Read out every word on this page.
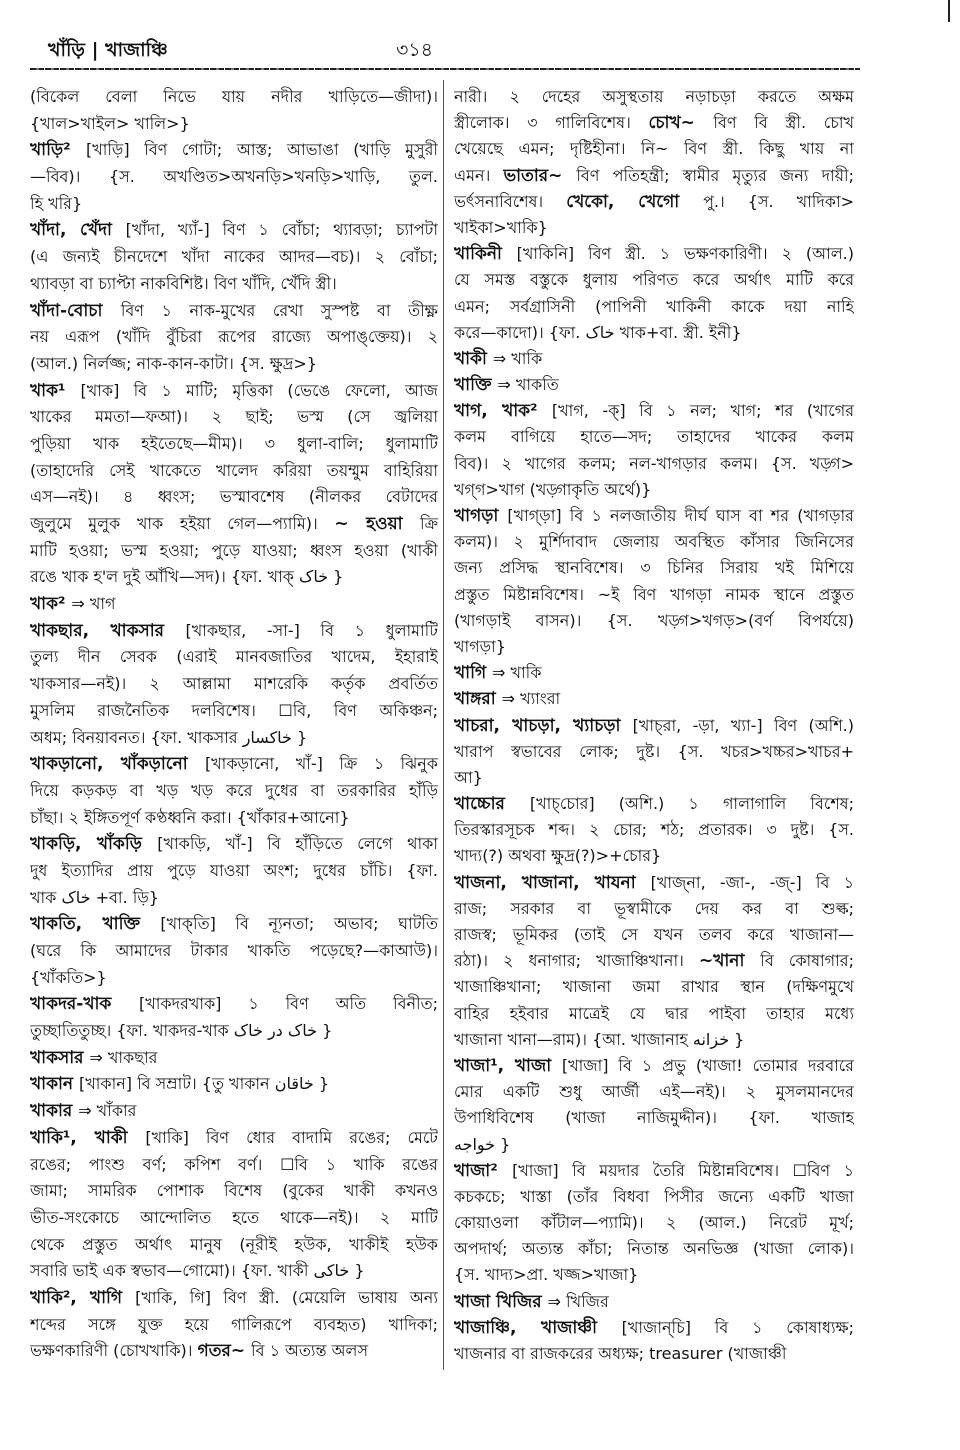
খাঁড়ি | খাজাঞ্চি	৩১৪
(বিকেল বেলা নিভে যায় নদীর খাড়িতে—জীদা)।
{খাল>খাইল> খালি>}
খাড়ি² [খাড়ি] বিণ গোটা; আস্ত; আভাঙা (খাড়ি মুসুরী
—বিব)। {স. অখণ্ডিত>অখনড়ি>খনড়ি>খাড়ি, তুল.
হি খরি}
খাঁদা, খেঁদা [খাঁদা, খ্যাঁ-] বিণ ১ বোঁচা; থ্যাবড়া; চ্যাপটা
(এ জন্যই চীনদেশে খাঁদা নাকের আদর—বচ)। ২ বোঁচা;
থ্যাবড়া বা চ্যাপ্টা নাকবিশিষ্ট। বিণ খাঁদি, খেঁদি স্ত্রী।
খাঁদা-বোচা বিণ ১ নাক-মুখের রেখা সুস্পষ্ট বা তীক্ষ্ণ
নয় এরূপ (খাঁদি বুঁচিরা রূপের রাজ্যে অপাঙ্‌ক্তেয়)। ২
(আল.) নির্লজ্জ; নাক-কান-কাটা। {স. ক্ষুদ্র>}
খাক¹ [খাক] বি ১ মাটি; মৃত্তিকা (ভেঙে ফেলো, আজ
খাকের মমতা—ফআ)। ২ ছাই; ভস্ম (সে জ্বলিয়া
পুড়িয়া খাক হইতেছে—মীম)। ৩ ধুলা-বালি; ধুলামাটি
(তাহাদেরি সেই খাকেতে খালেদ করিয়া তয়ম্মুম বাহিরিয়া
এস—নই)। ৪ ধ্বংস; ভস্মাবশেষ (নীলকর বেটাদের
জুলুমে মুলুক খাক হইয়া গেল—প্যামি)। ~ হওয়া ক্রি
মাটি হওয়া; ভস্ম হওয়া; পুড়ে যাওয়া; ধ্বংস হওয়া (খাকী
রঙে খাক হ'ল দুই আঁখি—সদ)। {ফা. খাক্‌ خاک }
খাক² ⇒ খাগ
খাকছার, খাকসার [খাকছার, -সা-] বি ১ ধুলামাটি
তুল্য দীন সেবক (এরাই মানবজাতির খাদেম, ইহারাই
খাকসার—নই)। ২ আল্লামা মাশরেকি কর্তৃক প্রবর্তিত
মুসলিম রাজনৈতিক দলবিশেষ। ☐বি, বিণ অকিঞ্চন;
অধম; বিনয়াবনত। {ফা. খাকসার خاکسار }
খাকড়ানো, খাঁকড়ানো [খাকড়ানো, খাঁ-] ক্রি ১ ঝিনুক
দিয়ে কড়কড় বা খড় খড় করে দুধের বা তরকারির হাঁড়ি
চাঁছা। ২ ইঙ্গিতপূর্ণ কণ্ঠধ্বনি করা। {খাঁকার+আনো}
খাকড়ি, খাঁকড়ি [খাকড়ি, খাঁ-] বি হাঁড়িতে লেগে থাকা
দুধ ইত্যাদির প্রায় পুড়ে যাওয়া অংশ; দুধের চাঁচি। {ফা.
খাক خاک +বা. ড়ি}
খাকতি, খাক্তি [খাক্‌তি] বি ন্যূনতা; অভাব; ঘাটতি
(ঘরে কি আমাদের টাকার খাকতি পড়েছে?—কাআউ)।
{খাঁকতি>}
খাকদর-খাক [খাকদরখাক] ১ বিণ অতি বিনীত;
তুচ্ছাতিতুচ্ছ। {ফা. খাকদর-খাক خاک در خاک }
খাকসার ⇒ খাকছার
খাকান [খাকান] বি সম্রাট। {তু খাকান خاقان }
খাকার ⇒ খাঁকার
খাকি¹, খাকী [খাকি] বিণ ধোর বাদামি রঙের; মেটে
রঙের; পাংশু বর্ণ; কপিশ বর্ণ। ☐বি ১ খাকি রঙের
জামা; সামরিক পোশাক বিশেষ (বুকের খাকী কখনও
ভীত-সংকোচে আন্দোলিত হতে থাকে—নই)। ২ মাটি
থেকে প্রস্তুত অর্থাৎ মানুষ (নূরীই হউক, খাকীই হউক
সবারি ভাই এক স্বভাব—গোমো)। {ফা. খাকী خاکی }
খাকি², খাগি [খাকি, গি] বিণ স্ত্রী. (মেয়েলি ভাষায় অন্য
শব্দের সঙ্গে যুক্ত হয়ে গালিরূপে ব্যবহৃত) খাদিকা;
ভক্ষণকারিণী (চোখখাকি)। গতর~ বি ১ অত্যন্ত অলস
নারী। ২ দেহের অসুস্থতায় নড়াচড়া করতে অক্ষম
স্ত্রীলোক। ৩ গালিবিশেষ। চোখ~ বিণ বি স্ত্রী. চোখ
খেয়েছে এমন; দৃষ্টিহীনা। নি~ বিণ স্ত্রী. কিছু খায় না
এমন। ভাতার~ বিণ পতিহন্ত্রী; স্বামীর মৃত্যুর জন্য দায়ী;
ভর্ৎসনাবিশেষ। খেকো, খেগো পু.। {স. খাদিকা>
খাইকা>খাকি}
খাকিনী [খাকিনি] বিণ স্ত্রী. ১ ভক্ষণকারিণী। ২ (আল.)
যে সমস্ত বস্তুকে ধুলায় পরিণত করে অর্থাৎ মাটি করে
এমন; সর্বগ্রাসিনী (পাপিনী খাকিনী কাকে দয়া নাহি
করে—কাদো)। {ফা. خاک খাক+বা. স্ত্রী. ইনী}
খাকী ⇒ খাকি
খাক্তি ⇒ খাকতি
খাগ, খাক² [খাগ, -ক্] বি ১ নল; খাগ; শর (খাগের
কলম বাগিয়ে হাতে—সদ; তাহাদের খাকের কলম
বিব)। ২ খাগের কলম; নল-খাগড়ার কলম। {স. খড়্গ>
খগ্‌গ>খাগ (খড়্গাকৃতি অর্থে)}
খাগড়া [খাগ্‌ড়া] বি ১ নলজাতীয় দীর্ঘ ঘাস বা শর (খাগড়ার
কলম)। ২ মুর্শিদাবাদ জেলায় অবস্থিত কাঁসার জিনিসের
জন্য প্রসিদ্ধ স্থানবিশেষ। ৩ চিনির সিরায় খই মিশিয়ে
প্রস্তুত মিষ্টান্নবিশেষ। ~ই বিণ খাগড়া নামক স্থানে প্রস্তুত
(খাগড়াই বাসন)। {স. খড়্গ>খগড়>(বর্ণ বিপর্যয়ে)
খাগড়া}
খাগি ⇒ খাকি
খাঙ্গরা ⇒ খ্যাংরা
খাচরা, খাচড়া, খ্যাচড়া [খাচ্‌রা, -ড়া, খ্যা-] বিণ (অশি.)
খারাপ স্বভাবের লোক; দুষ্ট। {স. খচর>খচ্চর>খাচর+
আ}
খাচ্চোর [খাচ্‌চোর] (অশি.) ১ গালাগালি বিশেষ;
তিরস্কারসূচক শব্দ। ২ চোর; শঠ; প্রতারক। ৩ দুষ্ট। {স.
খাদ্য(?) অথবা ক্ষুদ্র(?)>+চোর}
খাজনা, খাজানা, খাযনা [খাজ্‌না, -জা-, -জ্‌-] বি ১
রাজ; সরকার বা ভূস্বামীকে দেয় কর বা শুল্ক;
রাজস্ব; ভূমিকর (তাই সে যখন তলব করে খাজানা—
রঠা)। ২ ধনাগার; খাজাঞ্চিখানা। ~খানা বি কোষাগার;
খাজাঞ্চিখানা; খাজানা জমা রাখার স্থান (দক্ষিণমুখে
বাহির হইবার মাত্রেই যে দ্বার পাইবা তাহার মধ্যে
খাজানা খানা—রাম)। {আ. খাজানাহ خزانه }
খাজা¹, খাজা [খাজা] বি ১ প্রভু (খাজা! তোমার দরবারে
মোর একটি শুধু আর্জী এই—নই)। ২ মুসলমানদের
উপাধিবিশেষ (খাজা নাজিমুদ্দীন)। {ফা. খাজাহ
خواجه }
খাজা² [খাজা] বি ময়দার তৈরি মিষ্টান্নবিশেষ। ☐বিণ ১
কচকচে; খাস্তা (তাঁর বিধবা পিসীর জন্যে একটি খাজা
কোয়াওলা কাঁটাল—প্যামি)। ২ (আল.) নিরেট মূর্খ;
অপদার্থ; অত্যন্ত কাঁচা; নিতান্ত অনভিজ্ঞ (খাজা লোক)।
{স. খাদ্য>প্রা. খজ্জ>খাজা}
খাজা খিজির ⇒ খিজির
খাজাঞ্চি, খাজাঞ্চী [খাজান্‌চি] বি ১ কোষাধ্যক্ষ;
খাজনার বা রাজকরের অধ্যক্ষ; treasurer (খাজাঞ্চী
